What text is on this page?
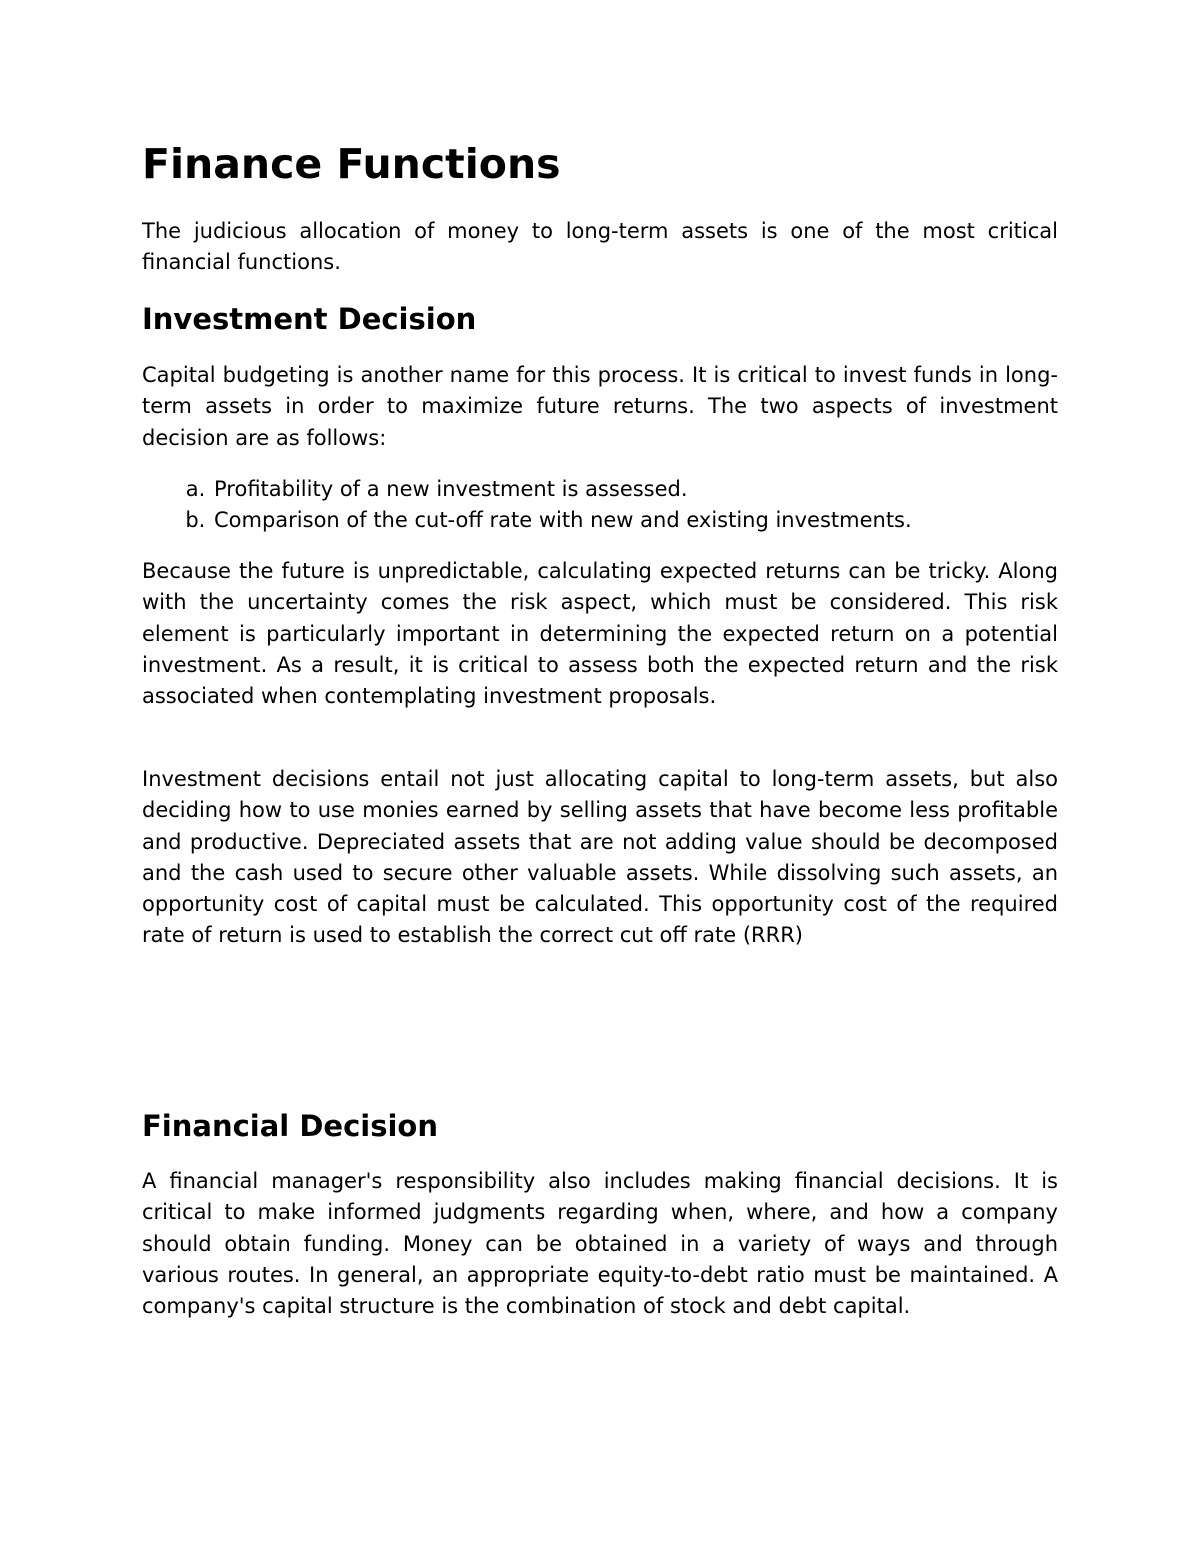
Finance Functions

The judicious allocation of money to long-term assets is one of the most critical financial functions.

Investment Decision

Capital budgeting is another name for this process. It is critical to invest funds in long-term assets in order to maximize future returns. The two aspects of investment decision are as follows:

a. Profitability of a new investment is assessed.
b. Comparison of the cut-off rate with new and existing investments.

Because the future is unpredictable, calculating expected returns can be tricky. Along with the uncertainty comes the risk aspect, which must be considered. This risk element is particularly important in determining the expected return on a potential investment. As a result, it is critical to assess both the expected return and the risk associated when contemplating investment proposals.

Investment decisions entail not just allocating capital to long-term assets, but also deciding how to use monies earned by selling assets that have become less profitable and productive. Depreciated assets that are not adding value should be decomposed and the cash used to secure other valuable assets. While dissolving such assets, an opportunity cost of capital must be calculated. This opportunity cost of the required rate of return is used to establish the correct cut off rate (RRR)

Financial Decision

A financial manager's responsibility also includes making financial decisions. It is critical to make informed judgments regarding when, where, and how a company should obtain funding. Money can be obtained in a variety of ways and through various routes. In general, an appropriate equity-to-debt ratio must be maintained. A company's capital structure is the combination of stock and debt capital.
